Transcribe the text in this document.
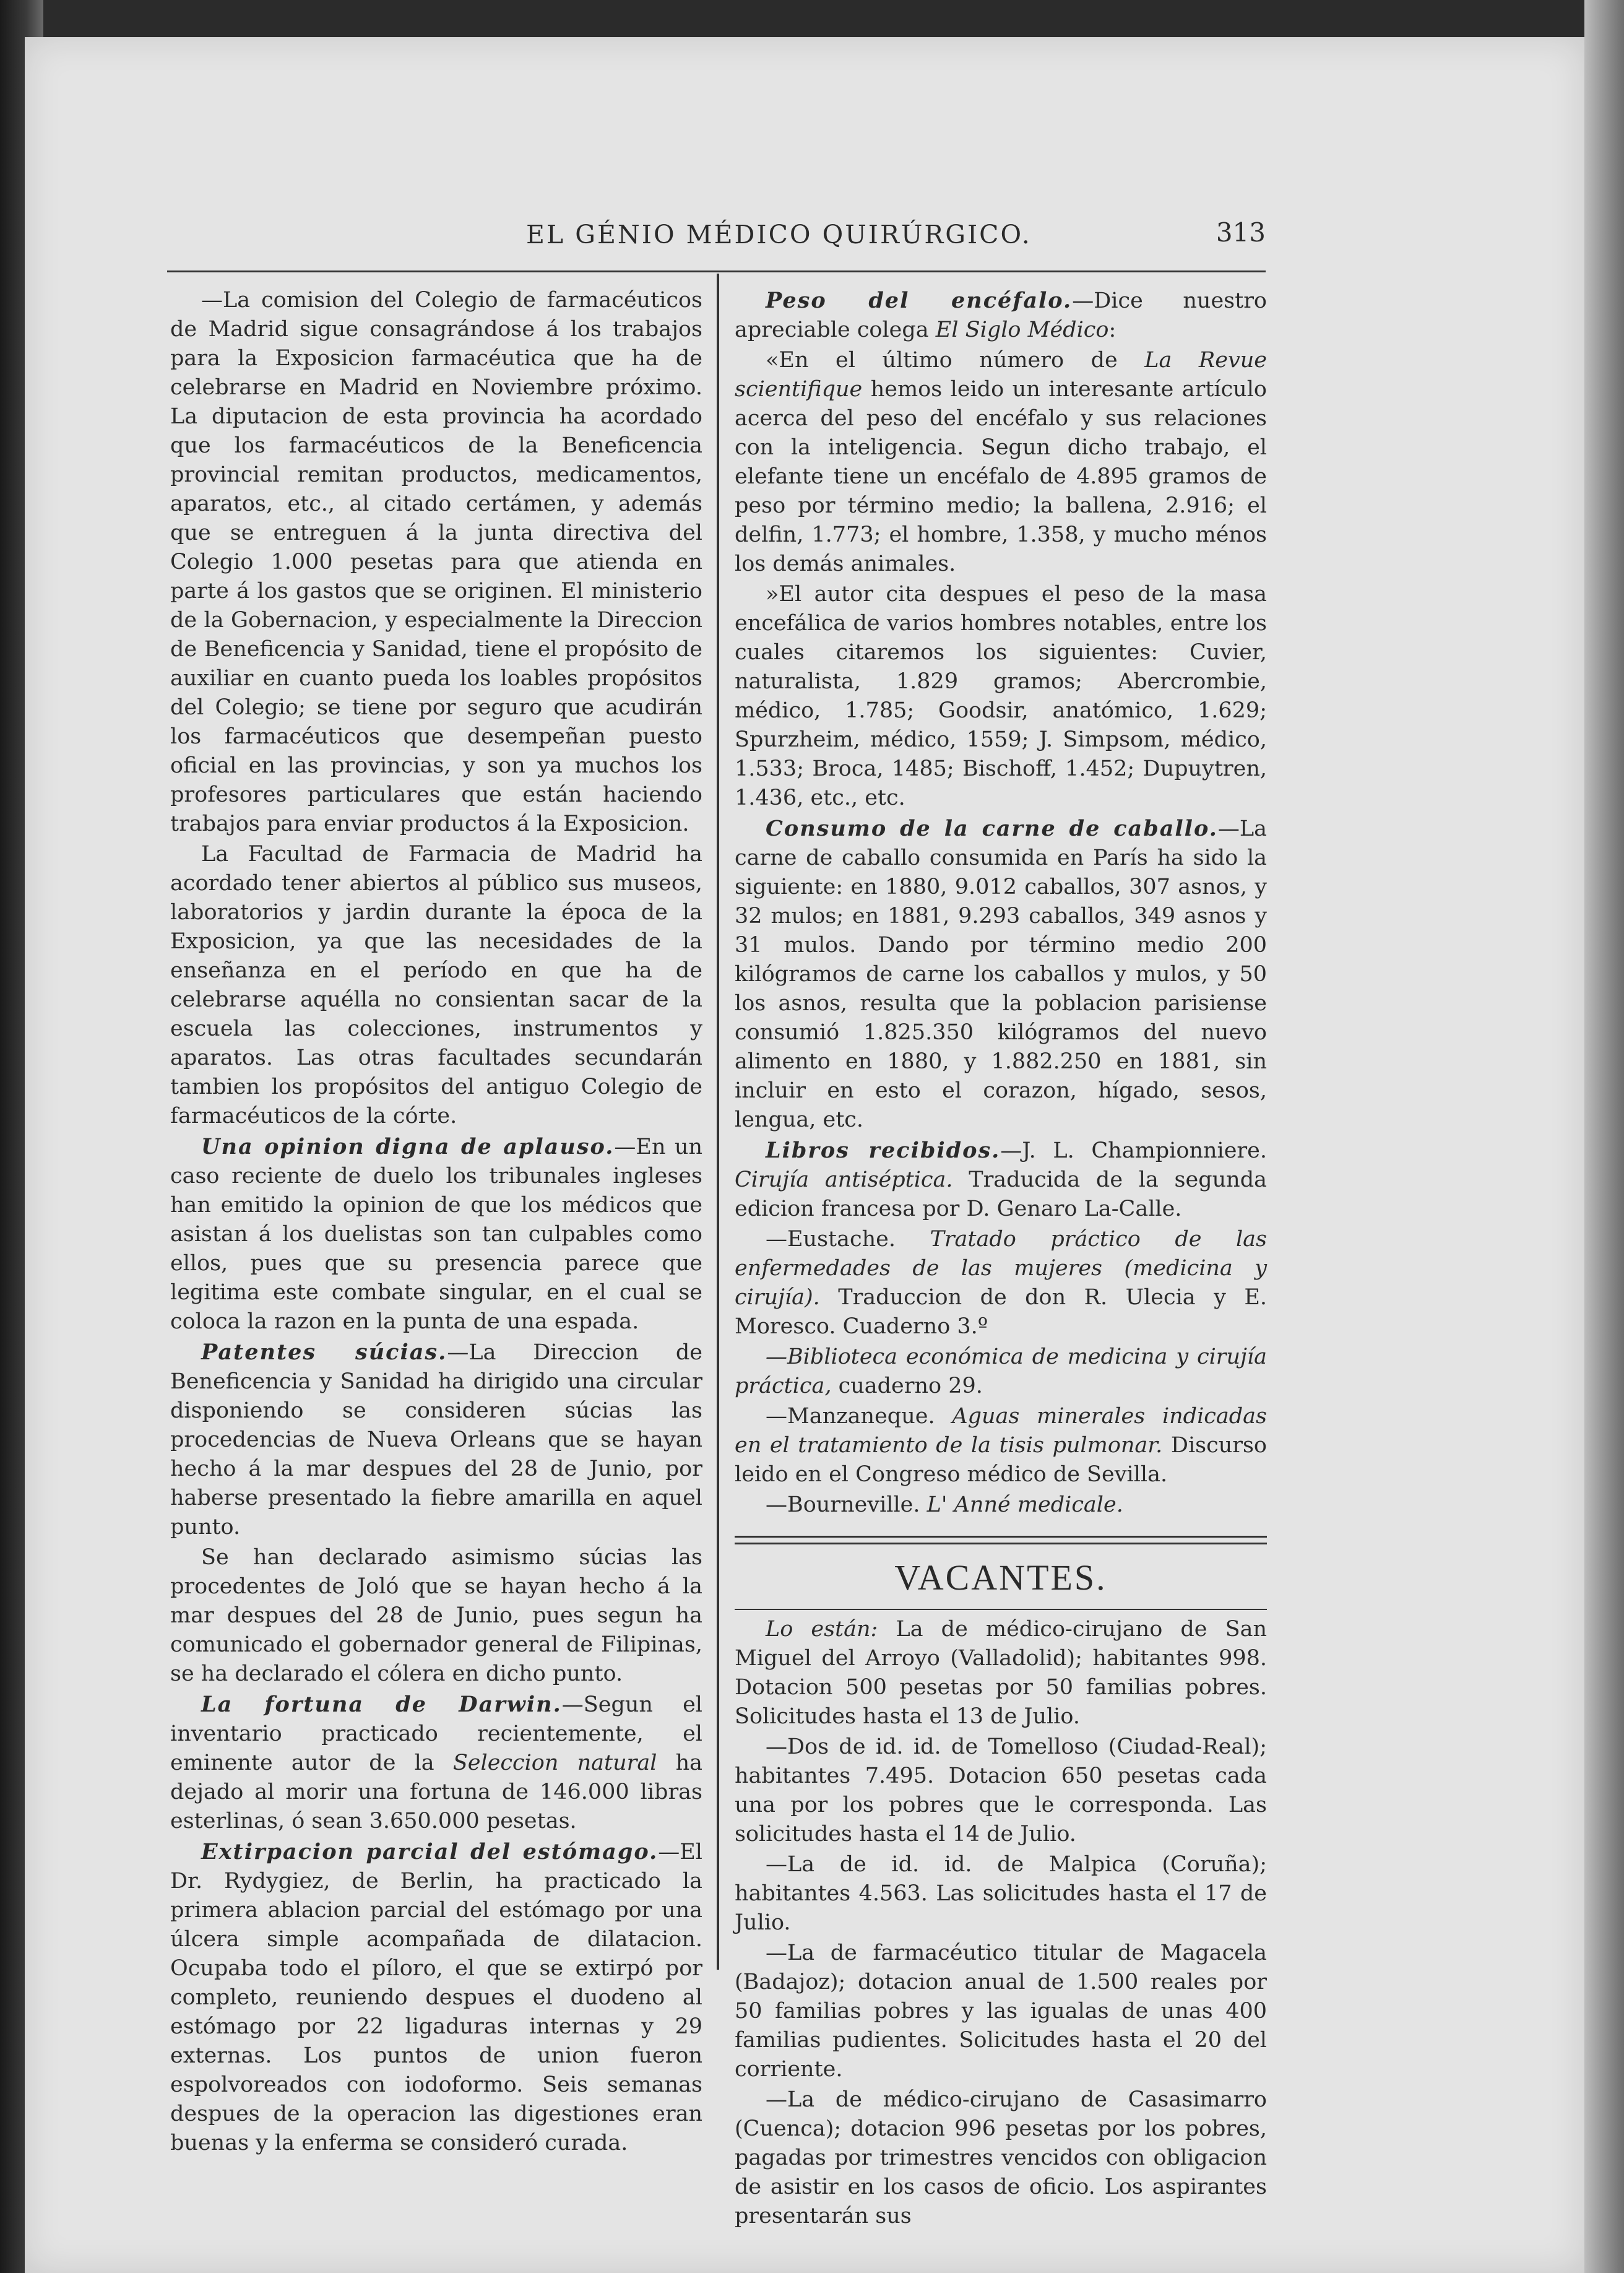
EL GÉNIO MÉDICO QUIRÚRGICO.	313

—La comision del Colegio de farmacéuticos de Madrid sigue consagrándose á los trabajos para la Exposicion farmacéutica que ha de celebrarse en Madrid en Noviembre próximo. La diputacion de esta provincia ha acordado que los farmacéuticos de la Beneficencia provincial remitan productos, medicamentos, aparatos, etc., al citado certámen, y además que se entreguen á la junta directiva del Colegio 1.000 pesetas para que atienda en parte á los gastos que se originen. El ministerio de la Gobernacion, y especialmente la Direccion de Beneficencia y Sanidad, tiene el propósito de auxiliar en cuanto pueda los loables propósitos del Colegio; se tiene por seguro que acudirán los farmacéuticos que desempeñan puesto oficial en las provincias, y son ya muchos los profesores particulares que están haciendo trabajos para enviar productos á la Exposicion.

La Facultad de Farmacia de Madrid ha acordado tener abiertos al público sus museos, laboratorios y jardin durante la época de la Exposicion, ya que las necesidades de la enseñanza en el período en que ha de celebrarse aquélla no consientan sacar de la escuela las colecciones, instrumentos y aparatos. Las otras facultades secundarán tambien los propósitos del antiguo Colegio de farmacéuticos de la córte.

Una opinion digna de aplauso.—En un caso reciente de duelo los tribunales ingleses han emitido la opinion de que los médicos que asistan á los duelistas son tan culpables como ellos, pues que su presencia parece que legitima este combate singular, en el cual se coloca la razon en la punta de una espada.

Patentes súcias.—La Direccion de Beneficencia y Sanidad ha dirigido una circular disponiendo se consideren súcias las procedencias de Nueva Orleans que se hayan hecho á la mar despues del 28 de Junio, por haberse presentado la fiebre amarilla en aquel punto.

Se han declarado asimismo súcias las procedentes de Joló que se hayan hecho á la mar despues del 28 de Junio, pues segun ha comunicado el gobernador general de Filipinas, se ha declarado el cólera en dicho punto.

La fortuna de Darwin.—Segun el inventario practicado recientemente, el eminente autor de la Seleccion natural ha dejado al morir una fortuna de 146.000 libras esterlinas, ó sean 3.650.000 pesetas.

Extirpacion parcial del estómago.—El Dr. Rydygiez, de Berlin, ha practicado la primera ablacion parcial del estómago por una úlcera simple acompañada de dilatacion. Ocupaba todo el píloro, el que se extirpó por completo, reuniendo despues el duodeno al estómago por 22 ligaduras internas y 29 externas. Los puntos de union fueron espolvoreados con iodoformo. Seis semanas despues de la operacion las digestiones eran buenas y la enferma se consideró curada.

Peso del encéfalo.—Dice nuestro apreciable colega El Siglo Médico:

«En el último número de La Revue scientifique hemos leido un interesante artículo acerca del peso del encéfalo y sus relaciones con la inteligencia. Segun dicho trabajo, el elefante tiene un encéfalo de 4.895 gramos de peso por término medio; la ballena, 2.916; el delfin, 1.773; el hombre, 1.358, y mucho ménos los demás animales.

»El autor cita despues el peso de la masa encefálica de varios hombres notables, entre los cuales citaremos los siguientes: Cuvier, naturalista, 1.829 gramos; Abercrombie, médico, 1.785; Goodsir, anatómico, 1.629; Spurzheim, médico, 1559; J. Simpsom, médico, 1.533; Broca, 1485; Bischoff, 1.452; Dupuytren, 1.436, etc., etc.

Consumo de la carne de caballo.—La carne de caballo consumida en París ha sido la siguiente: en 1880, 9.012 caballos, 307 asnos, y 32 mulos; en 1881, 9.293 caballos, 349 asnos y 31 mulos. Dando por término medio 200 kilógramos de carne los caballos y mulos, y 50 los asnos, resulta que la poblacion parisiense consumió 1.825.350 kilógramos del nuevo alimento en 1880, y 1.882.250 en 1881, sin incluir en esto el corazon, hígado, sesos, lengua, etc.

Libros recibidos.—J. L. Championniere. Cirujía antiséptica. Traducida de la segunda edicion francesa por D. Genaro La-Calle.

—Eustache. Tratado práctico de las enfermedades de las mujeres (medicina y cirujía). Traduccion de don R. Ulecia y E. Moresco. Cuaderno 3.º

—Biblioteca económica de medicina y cirujía práctica, cuaderno 29.

—Manzaneque. Aguas minerales indicadas en el tratamiento de la tisis pulmonar. Discurso leido en el Congreso médico de Sevilla.

—Bourneville. L' Anné medicale.

VACANTES.

Lo están: La de médico-cirujano de San Miguel del Arroyo (Valladolid); habitantes 998. Dotacion 500 pesetas por 50 familias pobres. Solicitudes hasta el 13 de Julio.

—Dos de id. id. de Tomelloso (Ciudad-Real); habitantes 7.495. Dotacion 650 pesetas cada una por los pobres que le corresponda. Las solicitudes hasta el 14 de Julio.

—La de id. id. de Malpica (Coruña); habitantes 4.563. Las solicitudes hasta el 17 de Julio.

—La de farmacéutico titular de Magacela (Badajoz); dotacion anual de 1.500 reales por 50 familias pobres y las igualas de unas 400 familias pudientes. Solicitudes hasta el 20 del corriente.

—La de médico-cirujano de Casasimarro (Cuenca); dotacion 996 pesetas por los pobres, pagadas por trimestres vencidos con obligacion de asistir en los casos de oficio. Los aspirantes presentarán sus
